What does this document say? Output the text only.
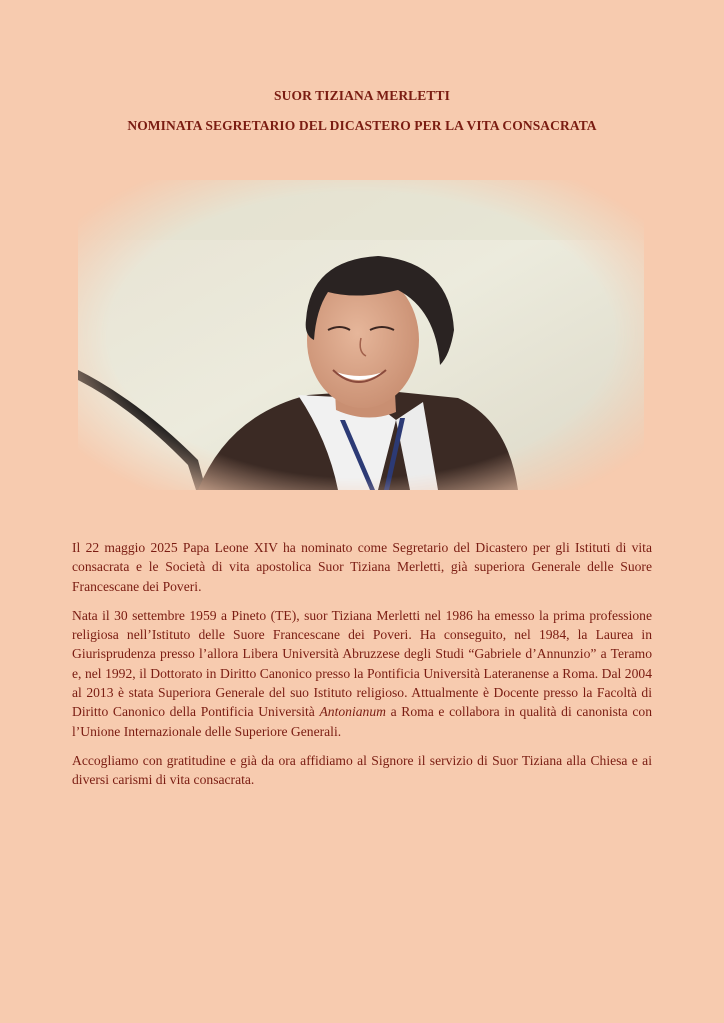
SUOR TIZIANA MERLETTI
NOMINATA SEGRETARIO DEL DICASTERO PER LA VITA CONSACRATA

Il 22 maggio 2025 Papa Leone XIV ha nominato come Segretario del Dicastero per gli Istituti di vita consacrata e le Società di vita apostolica Suor Tiziana Merletti, già superiora Generale delle Suore Francescane dei Poveri.

Nata il 30 settembre 1959 a Pineto (TE), suor Tiziana Merletti nel 1986 ha emesso la prima professione religiosa nell’Istituto delle Suore Francescane dei Poveri. Ha conseguito, nel 1984, la Laurea in Giurisprudenza presso l’allora Libera Università Abruzzese degli Studi “Gabriele d’Annunzio” a Teramo e, nel 1992, il Dottorato in Diritto Canonico presso la Pontificia Università Lateranense a Roma. Dal 2004 al 2013 è stata Superiora Generale del suo Istituto religioso. Attualmente è Docente presso la Facoltà di Diritto Canonico della Pontificia Università Antonianum a Roma e collabora in qualità di canonista con l’Unione Internazionale delle Superiore Generali.

Accogliamo con gratitudine e già da ora affidiamo al Signore il servizio di Suor Tiziana alla Chiesa e ai diversi carismi di vita consacrata.
